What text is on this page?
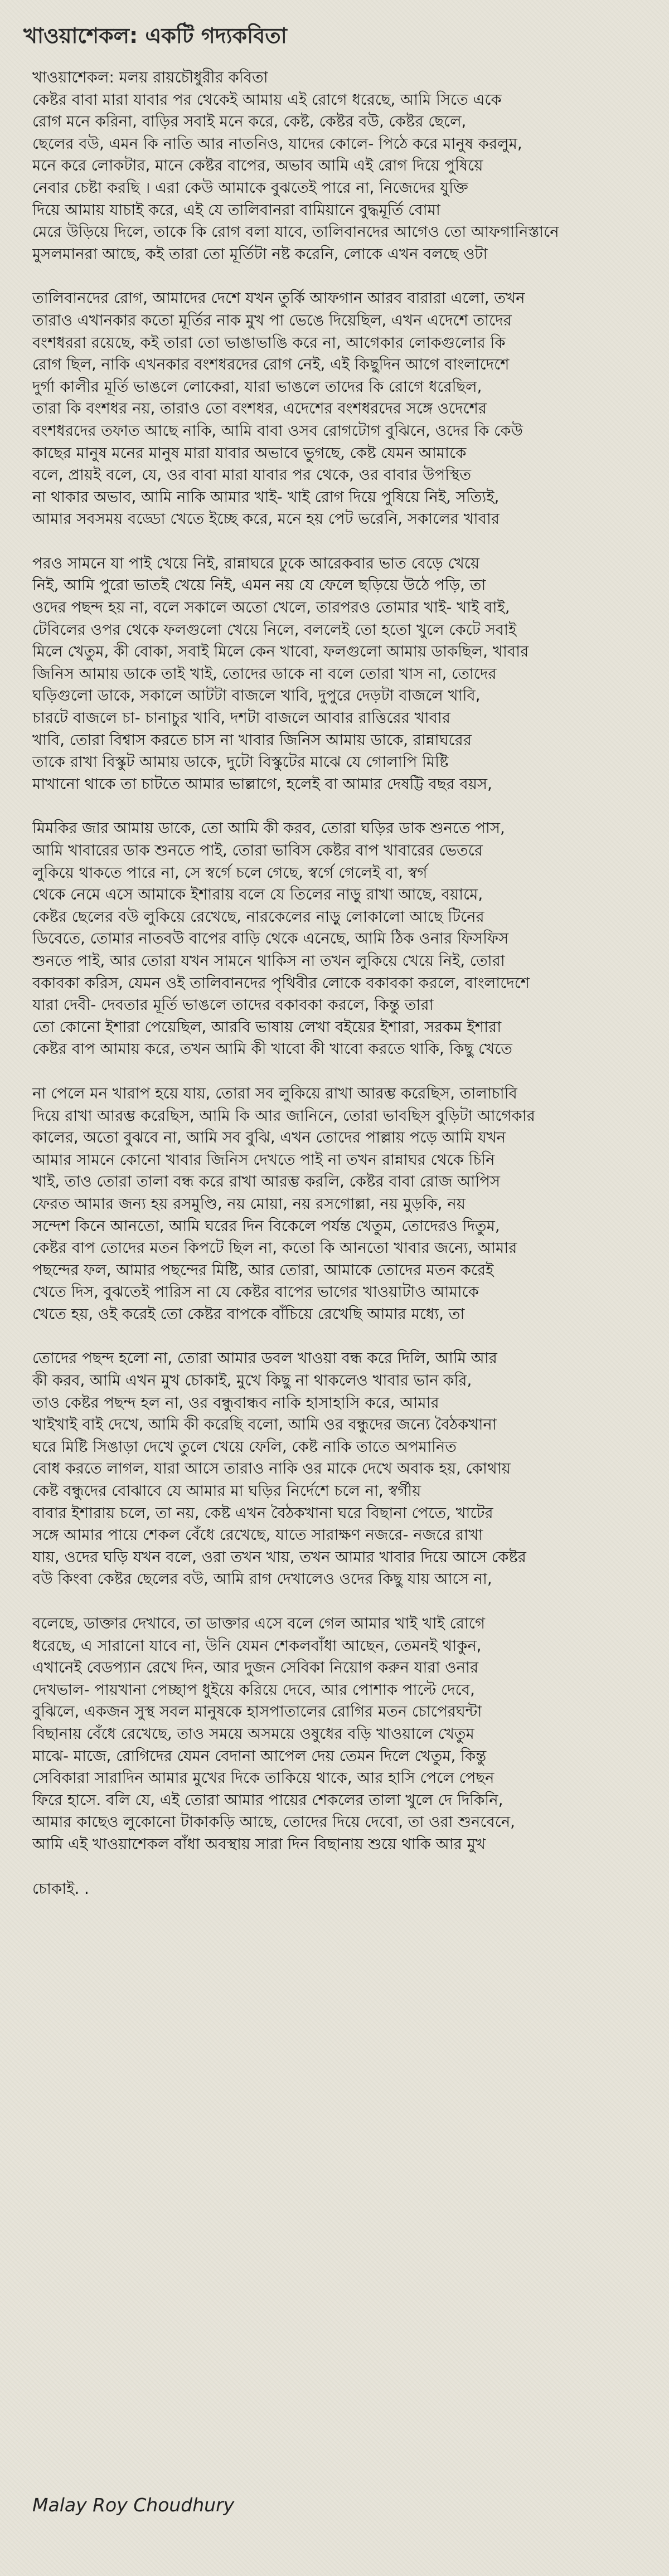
খাওয়াশেকল: একটি গদ্যকবিতা
খাওয়াশেকল: মলয় রায়চৌধুরীর কবিতা
কেষ্টর বাবা মারা যাবার পর থেকেই আমায় এই রোগে ধরেছে, আমি সিতে একে
রোগ মনে করিনা, বাড়ির সবাই মনে করে, কেষ্ট, কেষ্টর বউ, কেষ্টর ছেলে,
ছেলের বউ, এমন কি নাতি আর নাতনিও, যাদের কোলে- পিঠে করে মানুষ করলুম,
মনে করে লোকটার, মানে কেষ্টর বাপের, অভাব আমি এই রোগ দিয়ে পুষিয়ে
নেবার চেষ্টা করছি । এরা কেউ আমাকে বুঝতেই পারে না, নিজেদের যুক্তি
দিয়ে আমায় যাচাই করে, এই যে তালিবানরা বামিয়ানে বুদ্ধমূর্তি বোমা
মেরে উড়িয়ে দিলে, তাকে কি রোগ বলা যাবে, তালিবানদের আগেও তো আফগানিস্তানে
মুসলমানরা আছে, কই তারা তো মূর্তিটা নষ্ট করেনি, লোকে এখন বলছে ওটা
তালিবানদের রোগ, আমাদের দেশে যখন তুর্কি আফগান আরব বারারা এলো, তখন
তারাও এখানকার কতো মূর্তির নাক মুখ পা ভেঙে দিয়েছিল, এখন এদেশে তাদের
বংশধররা রয়েছে, কই তারা তো ভাঙাভাঙি করে না, আগেকার লোকগুলোর কি
রোগ ছিল, নাকি এখনকার বংশধরদের রোগ নেই, এই কিছুদিন আগে বাংলাদেশে
দুর্গা কালীর মূর্তি ভাঙলে লোকেরা, যারা ভাঙলে তাদের কি রোগে ধরেছিল,
তারা কি বংশধর নয়, তারাও তো বংশধর, এদেশের বংশধরদের সঙ্গে ওদেশের
বংশধরদের তফাত আছে নাকি, আমি বাবা ওসব রোগটোগ বুঝিনে, ওদের কি কেউ
কাছের মানুষ মনের মানুষ মারা যাবার অভাবে ভুগছে, কেষ্ট যেমন আমাকে
বলে, প্রায়ই বলে, যে, ওর বাবা মারা যাবার পর থেকে, ওর বাবার উপস্থিত
না থাকার অভাব, আমি নাকি আমার খাই- খাই রোগ দিয়ে পুষিয়ে নিই, সত্যিই,
আমার সবসময় বড্ডো খেতে ইচ্ছে করে, মনে হয় পেট ভরেনি, সকালের খাবার
পরও সামনে যা পাই খেয়ে নিই, রান্নাঘরে ঢুকে আরেকবার ভাত বেড়ে খেয়ে
নিই, আমি পুরো ভাতই খেয়ে নিই, এমন নয় যে ফেলে ছড়িয়ে উঠে পড়ি, তা
ওদের পছন্দ হয় না, বলে সকালে অতো খেলে, তারপরও তোমার খাই- খাই বাই,
টেবিলের ওপর থেকে ফলগুলো খেয়ে নিলে, বললেই তো হতো খুলে কেটে সবাই
মিলে খেতুম, কী বোকা, সবাই মিলে কেন খাবো, ফলগুলো আমায় ডাকছিল, খাবার
জিনিস আমায় ডাকে তাই খাই, তোদের ডাকে না বলে তোরা খাস না, তোদের
ঘড়িগুলো ডাকে, সকালে আটটা বাজলে খাবি, দুপুরে দেড়টা বাজলে খাবি,
চারটে বাজলে চা- চানাচুর খাবি, দশটা বাজলে আবার রাত্তিরের খাবার
খাবি, তোরা বিশ্বাস করতে চাস না খাবার জিনিস আমায় ডাকে, রান্নাঘরের
তাকে রাখা বিস্কুট আমায় ডাকে, দুটো বিস্কুটের মাঝে যে গোলাপি মিষ্টি
মাখানো থাকে তা চাটতে আমার ভাল্লাগে, হলেই বা আমার দেষট্টি বছর বয়স,
মিমকির জার আমায় ডাকে, তো আমি কী করব, তোরা ঘড়ির ডাক শুনতে পাস,
আমি খাবারের ডাক শুনতে পাই, তোরা ভাবিস কেষ্টর বাপ খাবারের ভেতরে
লুকিয়ে থাকতে পারে না, সে স্বর্গে চলে গেছে, স্বর্গে গেলেই বা, স্বর্গ
থেকে নেমে এসে আমাকে ইশারায় বলে যে তিলের নাড়ু রাখা আছে, বয়ামে,
কেষ্টর ছেলের বউ লুকিয়ে রেখেছে, নারকেলের নাড়ু লোকালো আছে টিনের
ডিবেতে, তোমার নাতবউ বাপের বাড়ি থেকে এনেছে, আমি ঠিক ওনার ফিসফিস
শুনতে পাই, আর তোরা যখন সামনে থাকিস না তখন লুকিয়ে খেয়ে নিই, তোরা
বকাবকা করিস, যেমন ওই তালিবানদের পৃথিবীর লোকে বকাবকা করলে, বাংলাদেশে
যারা দেবী- দেবতার মূর্তি ভাঙলে তাদের বকাবকা করলে, কিন্তু তারা
তো কোনো ইশারা পেয়েছিল, আরবি ভাষায় লেখা বইয়ের ইশারা, সরকম ইশারা
কেষ্টর বাপ আমায় করে, তখন আমি কী খাবো কী খাবো করতে থাকি, কিছু খেতে
না পেলে মন খারাপ হয়ে যায়, তোরা সব লুকিয়ে রাখা আরম্ভ করেছিস, তালাচাবি
দিয়ে রাখা আরম্ভ করেছিস, আমি কি আর জানিনে, তোরা ভাবছিস বুড়িটা আগেকার
কালের, অতো বুঝবে না, আমি সব বুঝি, এখন তোদের পাল্লায় পড়ে আমি যখন
আমার সামনে কোনো খাবার জিনিস দেখতে পাই না তখন রান্নাঘর থেকে চিনি
খাই, তাও তোরা তালা বন্ধ করে রাখা আরম্ভ করলি, কেষ্টর বাবা রোজ আপিস
ফেরত আমার জন্য হয় রসমুণ্ডি, নয় মোয়া, নয় রসগোল্লা, নয় মুড়কি, নয়
সন্দেশ কিনে আনতো, আমি ঘরের দিন বিকেলে পর্যন্ত খেতুম, তোদেরও দিতুম,
কেষ্টর বাপ তোদের মতন কিপটে ছিল না, কতো কি আনতো খাবার জন্যে, আমার
পছন্দের ফল, আমার পছন্দের মিষ্টি, আর তোরা, আমাকে তোদের মতন করেই
খেতে দিস, বুঝতেই পারিস না যে কেষ্টর বাপের ভাগের খাওয়াটাও আমাকে
খেতে হয়, ওই করেই তো কেষ্টর বাপকে বাঁচিয়ে রেখেছি আমার মধ্যে, তা
তোদের পছন্দ হলো না, তোরা আমার ডবল খাওয়া বন্ধ করে দিলি, আমি আর
কী করব, আমি এখন মুখ চোকাই, মুখে কিছু না থাকলেও খাবার ভান করি,
তাও কেষ্টর পছন্দ হল না, ওর বন্ধুবান্ধব নাকি হাসাহাসি করে, আমার
খাইখাই বাই দেখে, আমি কী করেছি বলো, আমি ওর বন্ধুদের জন্যে বৈঠকখানা
ঘরে মিষ্টি সিঙাড়া দেখে তুলে খেয়ে ফেলি, কেষ্ট নাকি তাতে অপমানিত
বোধ করতে লাগল, যারা আসে তারাও নাকি ওর মাকে দেখে অবাক হয়, কোথায়
কেষ্ট বন্ধুদের বোঝাবে যে আমার মা ঘড়ির নির্দেশে চলে না, স্বর্গীয়
বাবার ইশারায় চলে, তা নয়, কেষ্ট এখন বৈঠকখানা ঘরে বিছানা পেতে, খাটের
সঙ্গে আমার পায়ে শেকল বেঁধে রেখেছে, যাতে সারাক্ষণ নজরে- নজরে রাখা
যায়, ওদের ঘড়ি যখন বলে, ওরা তখন খায়, তখন আমার খাবার দিয়ে আসে কেষ্টর
বউ কিংবা কেষ্টর ছেলের বউ, আমি রাগ দেখালেও ওদের কিছু যায় আসে না,
বলেছে, ডাক্তার দেখাবে, তা ডাক্তার এসে বলে গেল আমার খাই খাই রোগে
ধরেছে, এ সারানো যাবে না, উনি যেমন শেকলবাঁধা আছেন, তেমনই থাকুন,
এখানেই বেডপ্যান রেখে দিন, আর দুজন সেবিকা নিয়োগ করুন যারা ওনার
দেখভাল- পায়খানা পেচ্ছাপ ধুইয়ে করিয়ে দেবে, আর পোশাক পাল্টে দেবে,
বুঝিলে, একজন সুস্থ সবল মানুষকে হাসপাতালের রোগির মতন চোপেরঘন্টা
বিছানায় বেঁধে রেখেছে, তাও সময়ে অসময়ে ওষুধের বড়ি খাওয়ালে খেতুম
মাঝে- মাজে, রোগিদের যেমন বেদানা আপেল দেয় তেমন দিলে খেতুম, কিন্তু
সেবিকারা সারাদিন আমার মুখের দিকে তাকিয়ে থাকে, আর হাসি পেলে পেছন
ফিরে হাসে. বলি যে, এই তোরা আমার পায়ের শেকলের তালা খুলে দে দিকিনি,
আমার কাছেও লুকোনো টাকাকড়ি আছে, তোদের দিয়ে দেবো, তা ওরা শুনবেনে,
আমি এই খাওয়াশেকল বাঁধা অবস্থায় সারা দিন বিছানায় শুয়ে থাকি আর মুখ
চোকাই. .
Malay Roy Choudhury
